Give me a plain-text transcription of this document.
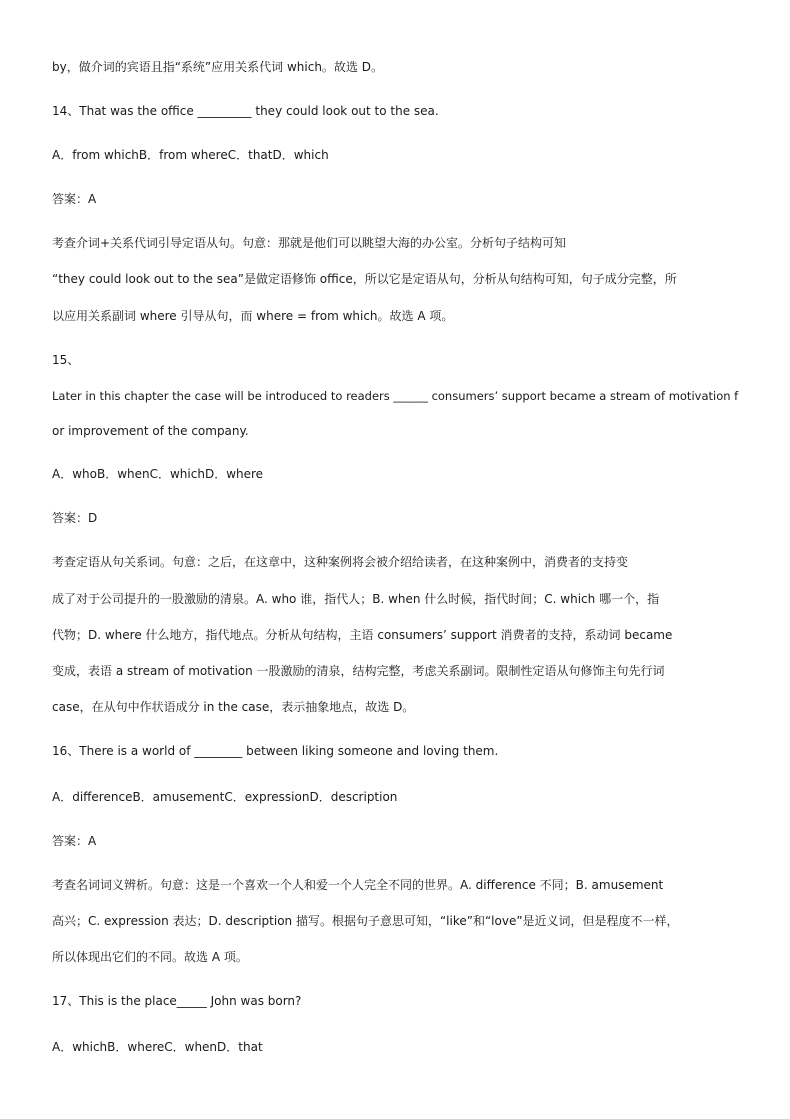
by，做介词的宾语且指“系统”应用关系代词 which。故选 D。
14、That was the office _________ they could look out to the sea.
A．from whichB．from whereC．thatD．which
答案：A
考查介词+关系代词引导定语从句。句意：那就是他们可以眺望大海的办公室。分析句子结构可知
“they could look out to the sea”是做定语修饰 office，所以它是定语从句，分析从句结构可知，句子成分完整，所
以应用关系副词 where 引导从句，而 where = from which。故选 A 项。
15、
Later in this chapter the case will be introduced to readers ______ consumers’ support became a stream of motivation f
or improvement of the company.
A．whoB．whenC．whichD．where
答案：D
考查定语从句关系词。句意：之后，在这章中，这种案例将会被介绍给读者，在这种案例中，消费者的支持变
成了对于公司提升的一股激励的清泉。A. who 谁，指代人；B. when 什么时候，指代时间；C. which 哪一个，指
代物；D. where 什么地方，指代地点。分析从句结构，主语 consumers’ support 消费者的支持，系动词 became
变成，表语 a stream of motivation 一股激励的清泉，结构完整，考虑关系副词。限制性定语从句修饰主句先行词
case，在从句中作状语成分 in the case，表示抽象地点，故选 D。
16、There is a world of ________ between liking someone and loving them.
A．differenceB．amusementC．expressionD．description
答案：A
考查名词词义辨析。句意：这是一个喜欢一个人和爱一个人完全不同的世界。A. difference 不同；B. amusement
高兴；C. expression 表达；D. description 描写。根据句子意思可知，“like”和“love”是近义词，但是程度不一样，
所以体现出它们的不同。故选 A 项。
17、This is the place_____ John was born?
A．whichB．whereC．whenD．that
